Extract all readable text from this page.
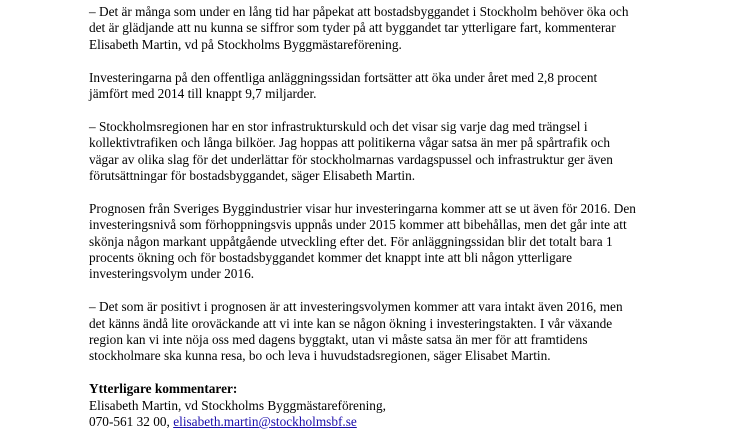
– Det är många som under en lång tid har påpekat att bostadsbyggandet i Stockholm behöver öka och
det är glädjande att nu kunna se siffror som tyder på att byggandet tar ytterligare fart, kommenterar
Elisabeth Martin, vd på Stockholms Byggmästareförening.

Investeringarna på den offentliga anläggningssidan fortsätter att öka under året med 2,8 procent
jämfört med 2014 till knappt 9,7 miljarder.

– Stockholmsregionen har en stor infrastrukturskuld och det visar sig varje dag med trängsel i
kollektivtrafiken och långa bilköer. Jag hoppas att politikerna vågar satsa än mer på spårtrafik och
vägar av olika slag för det underlättar för stockholmarnas vardagspussel och infrastruktur ger även
förutsättningar för bostadsbyggandet, säger Elisabeth Martin.

Prognosen från Sveriges Byggindustrier visar hur investeringarna kommer att se ut även för 2016. Den
investeringsnivå som förhoppningsvis uppnås under 2015 kommer att bibehållas, men det går inte att
skönja någon markant uppåtgående utveckling efter det. För anläggningssidan blir det totalt bara 1
procents ökning och för bostadsbyggandet kommer det knappt inte att bli någon ytterligare
investeringsvolym under 2016.

– Det som är positivt i prognosen är att investeringsvolymen kommer att vara intakt även 2016, men
det känns ändå lite oroväckande att vi inte kan se någon ökning i investeringstakten. I vår växande
region kan vi inte nöja oss med dagens byggtakt, utan vi måste satsa än mer för att framtidens
stockholmare ska kunna resa, bo och leva i huvudstadsregionen, säger Elisabet Martin.

Ytterligare kommentarer:
Elisabeth Martin, vd Stockholms Byggmästareförening,
070-561 32 00, elisabeth.martin@stockholmsbf.se
